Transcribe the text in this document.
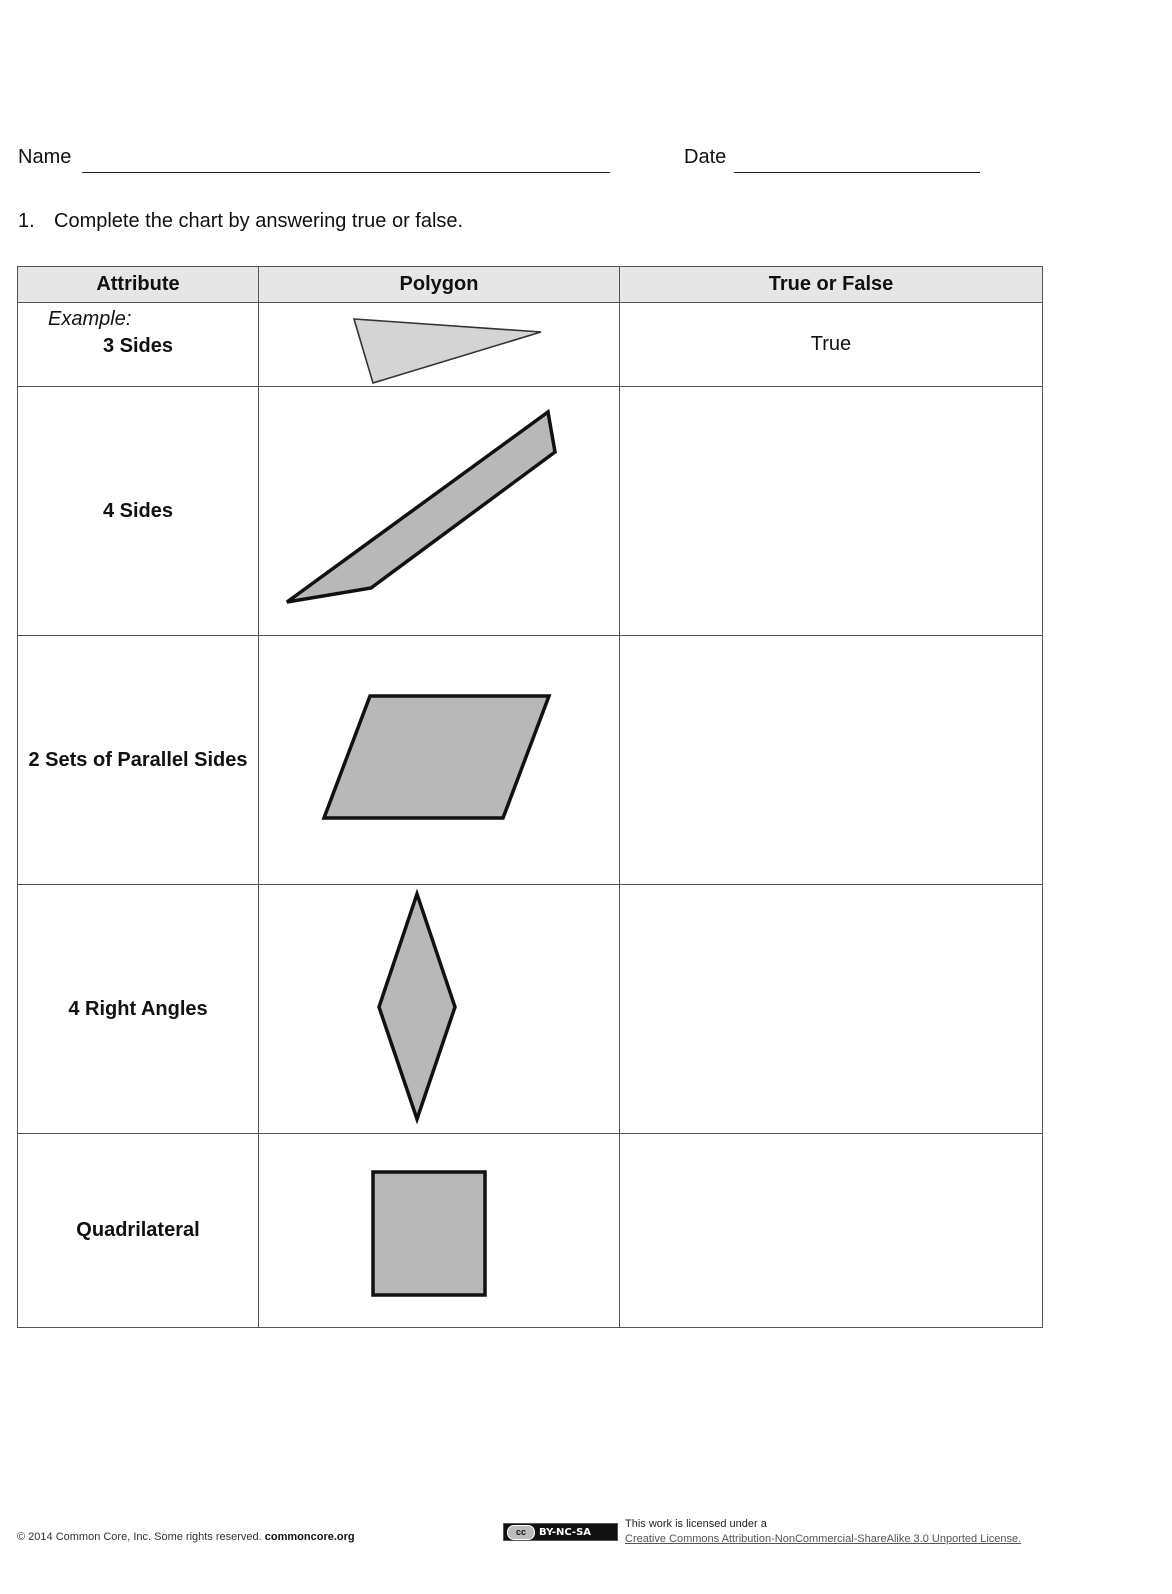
Name	Date
1. Complete the chart by answering true or false.
Attribute	Polygon	True or False

Example:
3 Sides		True
4 Sides	

2 Sets of Parallel Sides	

4 Right Angles	

Quadrilateral	

© 2014 Common Core, Inc. Some rights reserved. commoncore.org	cc	BY-NC-SA
This work is licensed under a
Creative Commons Attribution-NonCommercial-ShareAlike 3.0 Unported License.
